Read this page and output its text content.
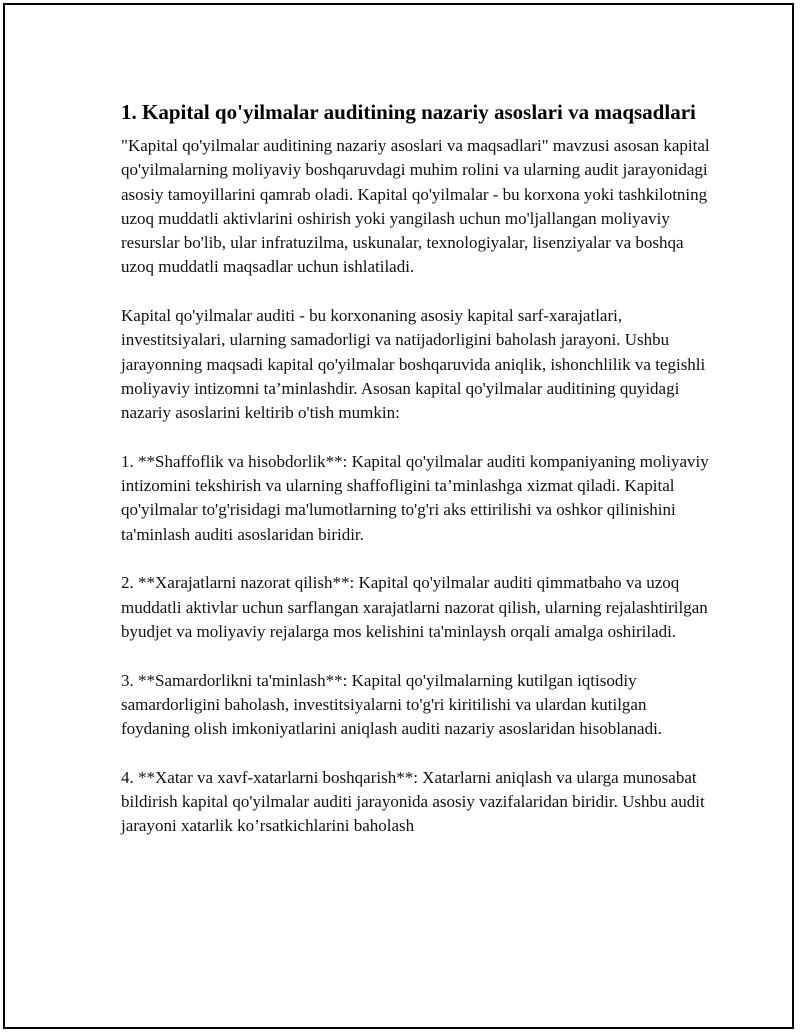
1. Kapital qo'yilmalar auditining nazariy asoslari va maqsadlari

"Kapital qo'yilmalar auditining nazariy asoslari va maqsadlari" mavzusi asosan kapital qo'yilmalarning moliyaviy boshqaruvdagi muhim rolini va ularning audit jarayonidagi asosiy tamoyillarini qamrab oladi. Kapital qo'yilmalar - bu korxona yoki tashkilotning uzoq muddatli aktivlarini oshirish yoki yangilash uchun mo'ljallangan moliyaviy resurslar bo'lib, ular infratuzilma, uskunalar, texnologiyalar, lisenziyalar va boshqa uzoq muddatli maqsadlar uchun ishlatiladi.

Kapital qo'yilmalar auditi - bu korxonaning asosiy kapital sarf-xarajatlari, investitsiyalari, ularning samadorligi va natijadorligini baholash jarayoni. Ushbu jarayonning maqsadi kapital qo'yilmalar boshqaruvida aniqlik, ishonchlilik va tegishli moliyaviy intizomni ta’minlashdir. Asosan kapital qo'yilmalar auditining quyidagi nazariy asoslarini keltirib o'tish mumkin:

1. **Shaffoflik va hisobdorlik**: Kapital qo'yilmalar auditi kompaniyaning moliyaviy intizomini tekshirish va ularning shaffofligini ta’minlashga xizmat qiladi. Kapital qo'yilmalar to'g'risidagi ma'lumotlarning to'g'ri aks ettirilishi va oshkor qilinishini ta'minlash auditi asoslaridan biridir.

2. **Xarajatlarni nazorat qilish**: Kapital qo'yilmalar auditi qimmatbaho va uzoq muddatli aktivlar uchun sarflangan xarajatlarni nazorat qilish, ularning rejalashtirilgan byudjet va moliyaviy rejalarga mos kelishini ta'minlaysh orqali amalga oshiriladi.

3. **Samardorlikni ta'minlash**: Kapital qo'yilmalarning kutilgan iqtisodiy samardorligini baholash, investitsiyalarni to'g'ri kiritilishi va ulardan kutilgan foydaning olish imkoniyatlarini aniqlash auditi nazariy asoslaridan hisoblanadi.

4. **Xatar va xavf-xatarlarni boshqarish**: Xatarlarni aniqlash va ularga munosabat bildirish kapital qo'yilmalar auditi jarayonida asosiy vazifalaridan biridir. Ushbu audit jarayoni xatarlik ko’rsatkichlarini baholash
